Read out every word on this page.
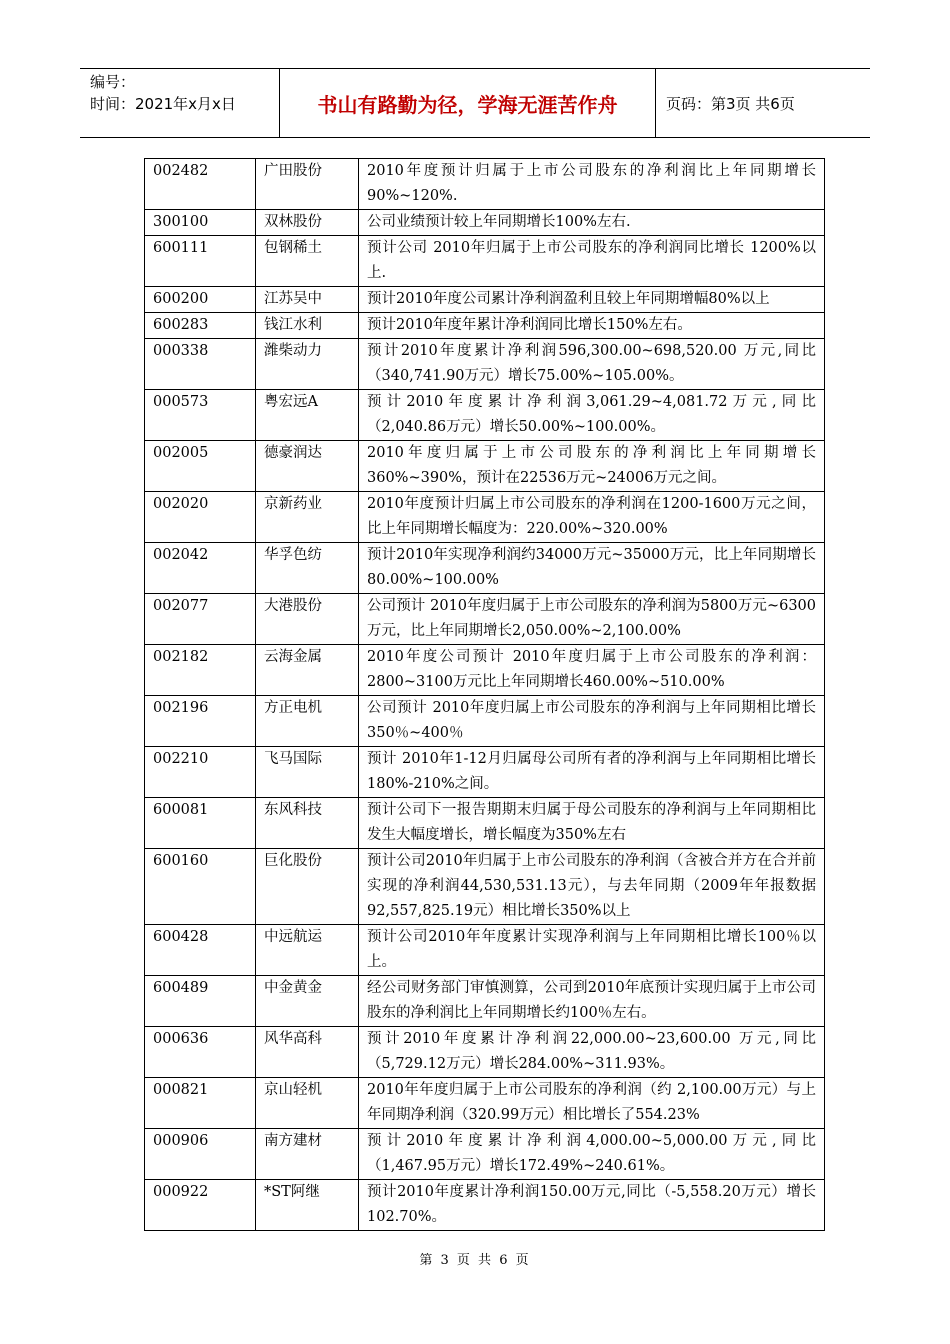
编号：
时间：2021年x月x日	书山有路勤为径，学海无涯苦作舟	页码：第3页 共6页
002482	广田股份	2010年度预计归属于上市公司股东的净利润比上年同期增长90%~120%.
300100	双林股份	公司业绩预计较上年同期增长100%左右.
600111	包钢稀土	预计公司 2010年归属于上市公司股东的净利润同比增长 1200%以上.
600200	江苏吴中	预计2010年度公司累计净利润盈利且较上年同期增幅80%以上
600283	钱江水利	预计2010年度年累计净利润同比增长150%左右。
000338	潍柴动力	预计2010年度累计净利润596,300.00~698,520.00 万元,同比（340,741.90万元）增长75.00%~105.00%。
000573	粤宏远A	预计2010年度累计净利润3,061.29~4,081.72万元,同比（2,040.86万元）增长50.00%~100.00%。
002005	德豪润达	2010年度归属于上市公司股东的净利润比上年同期增长360%~390%，预计在22536万元~24006万元之间。
002020	京新药业	2010年度预计归属上市公司股东的净利润在1200-1600万元之间，比上年同期增长幅度为：220.00%~320.00%
002042	华孚色纺	预计2010年实现净利润约34000万元~35000万元，比上年同期增长80.00%~100.00%
002077	大港股份	公司预计 2010年度归属于上市公司股东的净利润为5800万元~6300万元，比上年同期增长2,050.00%~2,100.00%
002182	云海金属	2010年度公司预计 2010年度归属于上市公司股东的净利润：2800~3100万元比上年同期增长460.00%~510.00%
002196	方正电机	公司预计 2010年度归属上市公司股东的净利润与上年同期相比增长350％~400％
002210	飞马国际	预计 2010年1-12月归属母公司所有者的净利润与上年同期相比增长180%-210%之间。
600081	东风科技	预计公司下一报告期期末归属于母公司股东的净利润与上年同期相比发生大幅度增长，增长幅度为350%左右
600160	巨化股份	预计公司2010年归属于上市公司股东的净利润（含被合并方在合并前实现的净利润44,530,531.13元），与去年同期（2009年年报数据92,557,825.19元）相比增长350%以上
600428	中远航运	预计公司2010年年度累计实现净利润与上年同期相比增长100％以上。
600489	中金黄金	经公司财务部门审慎测算，公司到2010年底预计实现归属于上市公司股东的净利润比上年同期增长约100％左右。
000636	风华高科	预计2010年度累计净利润22,000.00~23,600.00 万元,同比（5,729.12万元）增长284.00%~311.93%。
000821	京山轻机	2010年年度归属于上市公司股东的净利润（约 2,100.00万元）与上年同期净利润（320.99万元）相比增长了554.23%
000906	南方建材	预计2010年度累计净利润4,000.00~5,000.00万元,同比（1,467.95万元）增长172.49%~240.61%。
000922	*ST阿继	预计2010年度累计净利润150.00万元,同比（-5,558.20万元）增长102.70%。
第 3 页 共 6 页
